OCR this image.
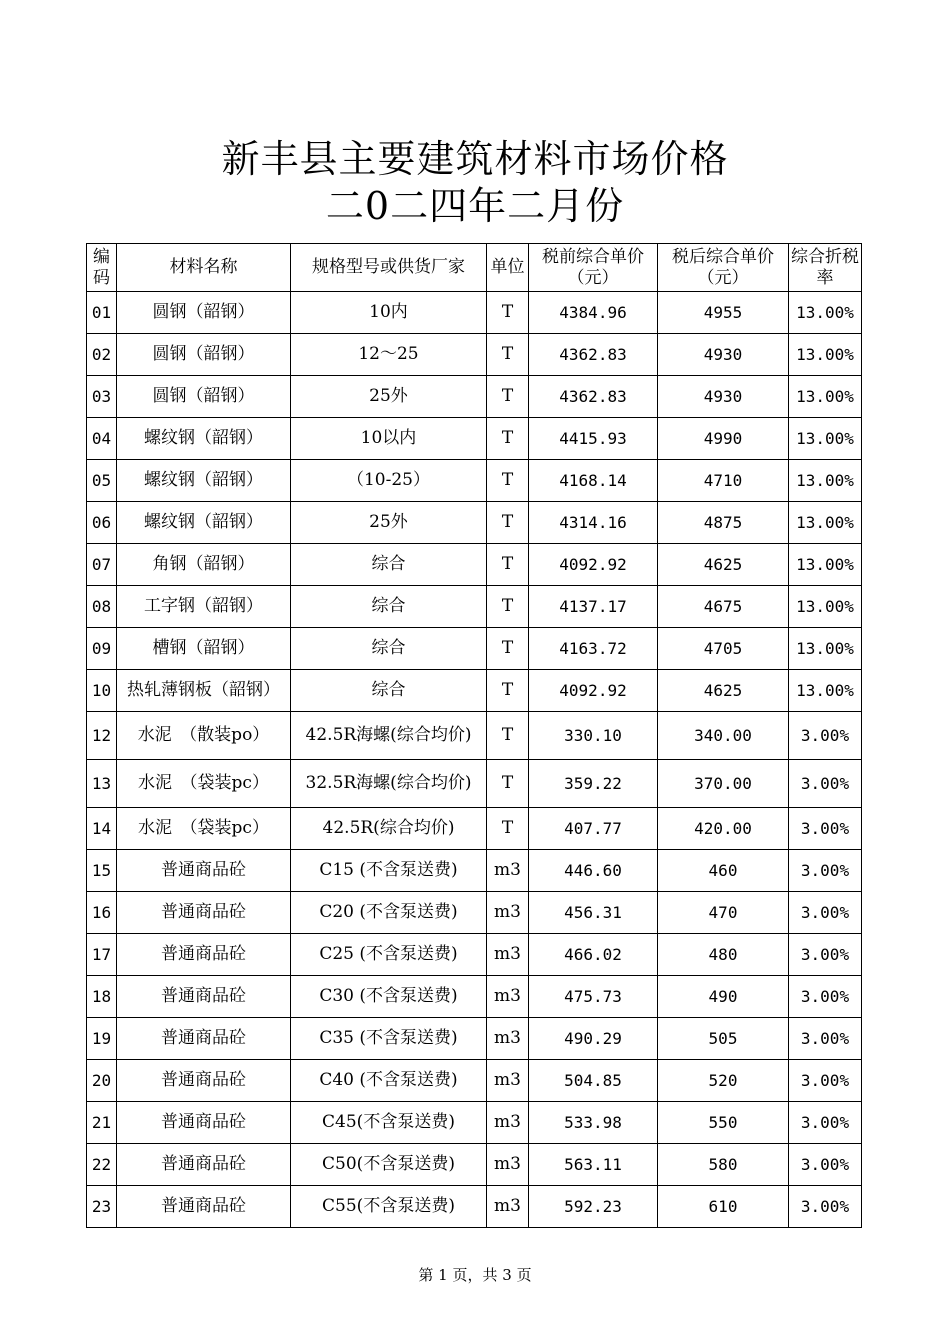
新丰县主要建筑材料市场价格
二0二四年二月份
编码	材料名称	规格型号或供货厂家	单位	税前综合单价（元）	税后综合单价（元）	综合折税率
01	圆钢（韶钢）	10内	T	4384.96	4955	13.00%
02	圆钢（韶钢）	12～25	T	4362.83	4930	13.00%
03	圆钢（韶钢）	25外	T	4362.83	4930	13.00%
04	螺纹钢（韶钢）	10以内	T	4415.93	4990	13.00%
05	螺纹钢（韶钢）	（10-25）	T	4168.14	4710	13.00%
06	螺纹钢（韶钢）	25外	T	4314.16	4875	13.00%
07	角钢（韶钢）	综合	T	4092.92	4625	13.00%
08	工字钢（韶钢）	综合	T	4137.17	4675	13.00%
09	槽钢（韶钢）	综合	T	4163.72	4705	13.00%
10	热轧薄钢板（韶钢）	综合	T	4092.92	4625	13.00%
12	水泥　（散装po）	42.5R海螺(综合均价)	T	330.10	340.00	3.00%
13	水泥　（袋装pc）	32.5R海螺(综合均价)	T	359.22	370.00	3.00%
14	水泥　（袋装pc）	42.5R(综合均价)	T	407.77	420.00	3.00%
15	普通商品砼	C15 (不含泵送费)	m3	446.60	460	3.00%
16	普通商品砼	C20 (不含泵送费)	m3	456.31	470	3.00%
17	普通商品砼	C25 (不含泵送费)	m3	466.02	480	3.00%
18	普通商品砼	C30 (不含泵送费)	m3	475.73	490	3.00%
19	普通商品砼	C35 (不含泵送费)	m3	490.29	505	3.00%
20	普通商品砼	C40 (不含泵送费)	m3	504.85	520	3.00%
21	普通商品砼	C45(不含泵送费)	m3	533.98	550	3.00%
22	普通商品砼	C50(不含泵送费)	m3	563.11	580	3.00%
23	普通商品砼	C55(不含泵送费)	m3	592.23	610	3.00%
第 1 页，共 3 页
